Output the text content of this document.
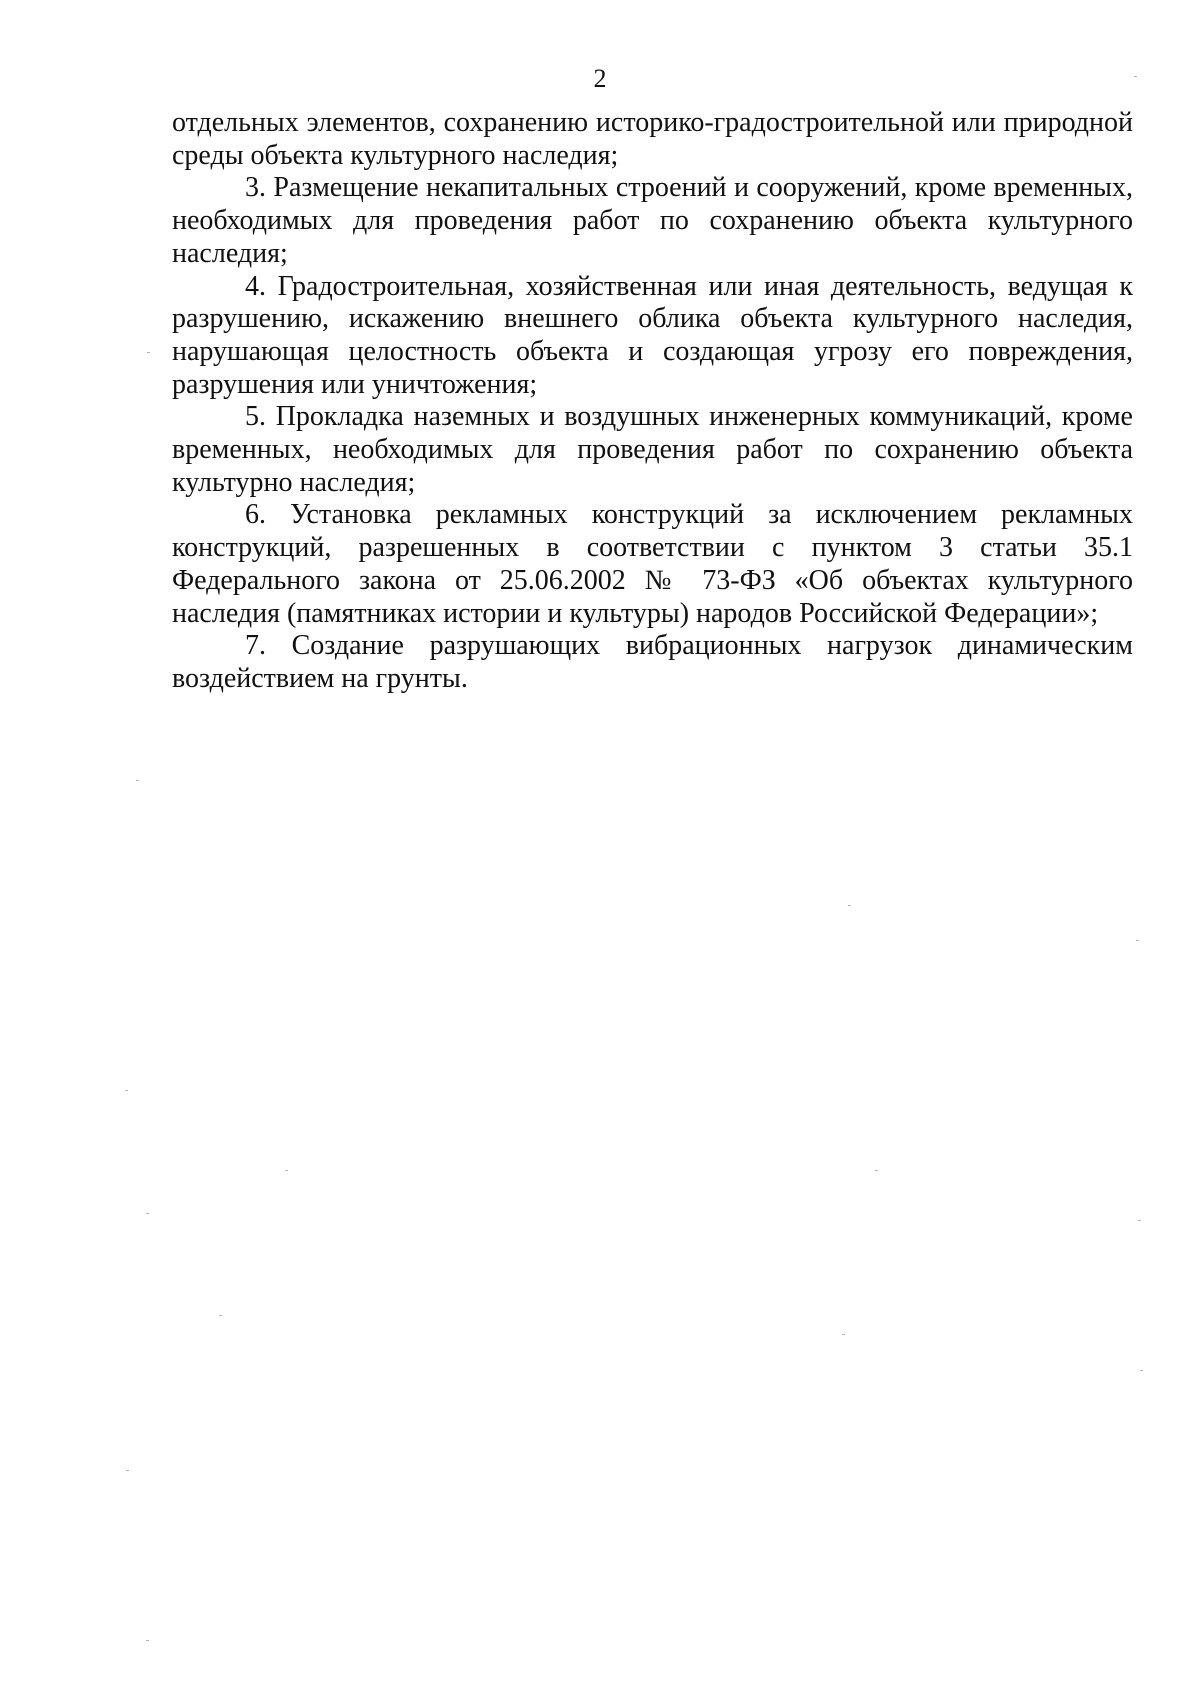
2

отдельных элементов, сохранению историко-градостроительной или природной среды объекта культурного наследия;

3. Размещение некапитальных строений и сооружений, кроме временных, необходимых для проведения работ по сохранению объекта культурного наследия;

4. Градостроительная, хозяйственная или иная деятельность, ведущая к разрушению, искажению внешнего облика объекта культурного наследия, нарушающая целостность объекта и создающая угрозу его повреждения, разрушения или уничтожения;

5. Прокладка наземных и воздушных инженерных коммуникаций, кроме временных, необходимых для проведения работ по сохранению объекта культурно наследия;

6. Установка рекламных конструкций за исключением рекламных конструкций, разрешенных в соответствии с пунктом 3 статьи 35.1 Федерального закона от 25.06.2002 № 73-ФЗ «Об объектах культурного наследия (памятниках истории и культуры) народов Российской Федерации»;

7. Создание разрушающих вибрационных нагрузок динамическим воздействием на грунты.
